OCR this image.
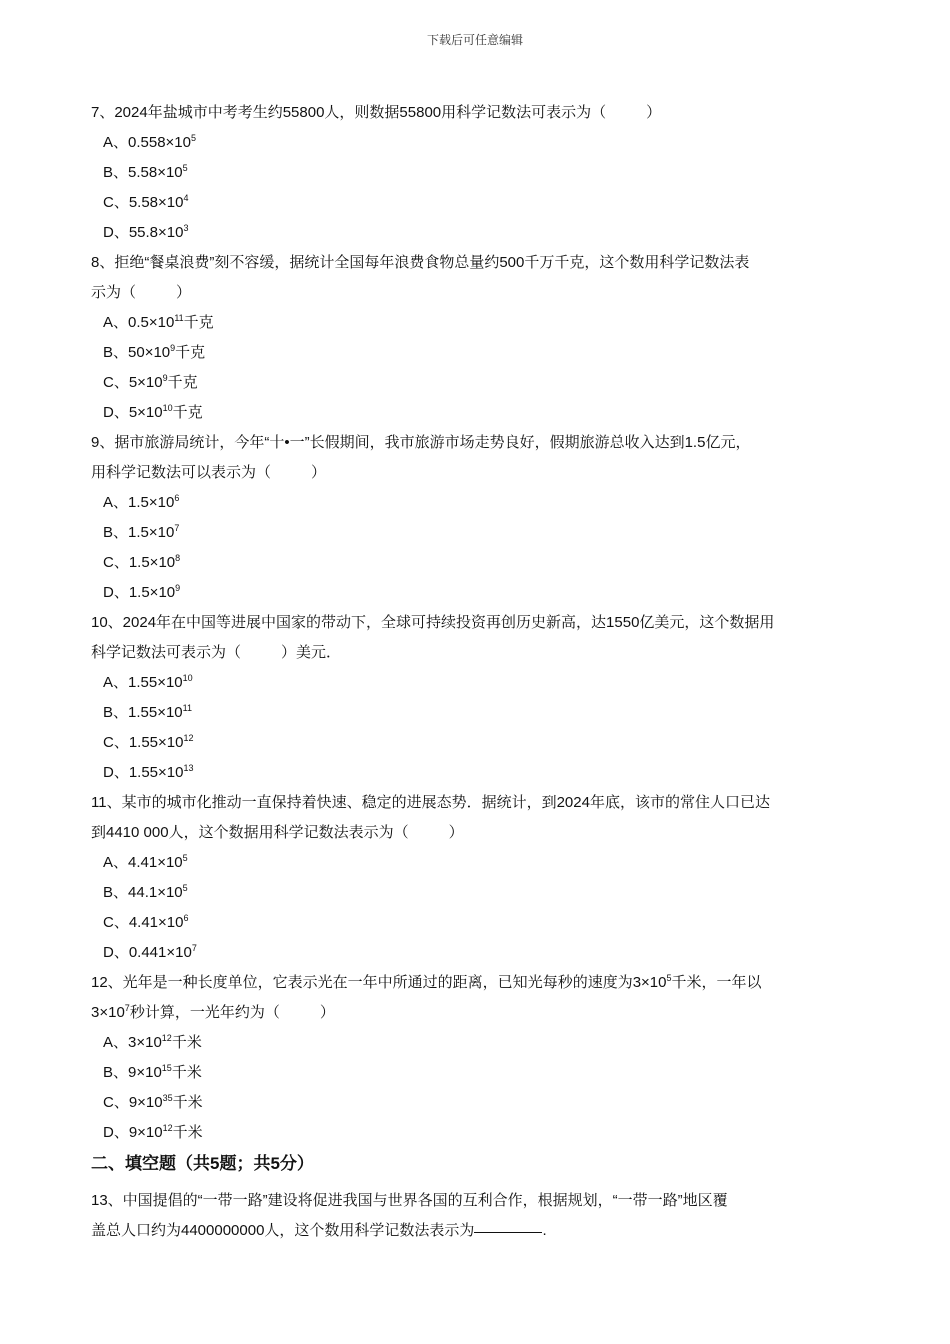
下载后可任意编辑

7、2024年盐城市中考考生约55800人，则数据55800用科学记数法可表示为（	）

A、$0.558\times 10^5$

B、$5.58\times 10^5$

C、$5.58\times 10^4$

D、$55.8\times 10^3$

8、拒绝“餐桌浪费”刻不容缓，据统计全国每年浪费食物总量约500千万千克，这个数用科学记数法表

示为（	）

A、$0.5\times 10^{11}$千克

B、$50\times 10^9$千克

C、$5\times 10^9$千克

D、$5\times 10^{10}$千克

9、据市旅游局统计，今年“十•一”长假期间，我市旅游市场走势良好，假期旅游总收入达到1.5亿元，

用科学记数法可以表示为（	）

A、$1.5\times 10^6$

B、$1.5\times 10^7$

C、$1.5\times 10^8$

D、$1.5\times 10^9$

10、2024年在中国等进展中国家的带动下，全球可持续投资再创历史新高，达1550亿美元，这个数据用

科学记数法可表示为（	）美元．

A、$1.55\times 10^{10}$

B、$1.55\times 10^{11}$

C、$1.55\times 10^{12}$

D、$1.55\times 10^{13}$

11、某市的城市化推动一直保持着快速、稳定的进展态势．据统计，到2024年底，该市的常住人口已达

到4410 000人，这个数据用科学记数法表示为（	）

A、$4.41\times 10^5$

B、$44.1\times 10^5$

C、$4.41\times 10^6$

D、$0.441\times 10^7$

12、光年是一种长度单位，它表示光在一年中所通过的距离，已知光每秒的速度为$3\times 10^5$千米，一年以

$3\times 10^7$秒计算，一光年约为（	）

A、$3\times 10^{12}$千米

B、$9\times 10^{15}$千米

C、$9\times 10^{35}$千米

D、$9\times 10^{12}$千米

二、填空题（共5题；共5分）

13、中国提倡的“一带一路”建设将促进我国与世界各国的互利合作，根据规划，“一带一路”地区覆

盖总人口约为4400000000人，这个数用科学记数法表示为	.
